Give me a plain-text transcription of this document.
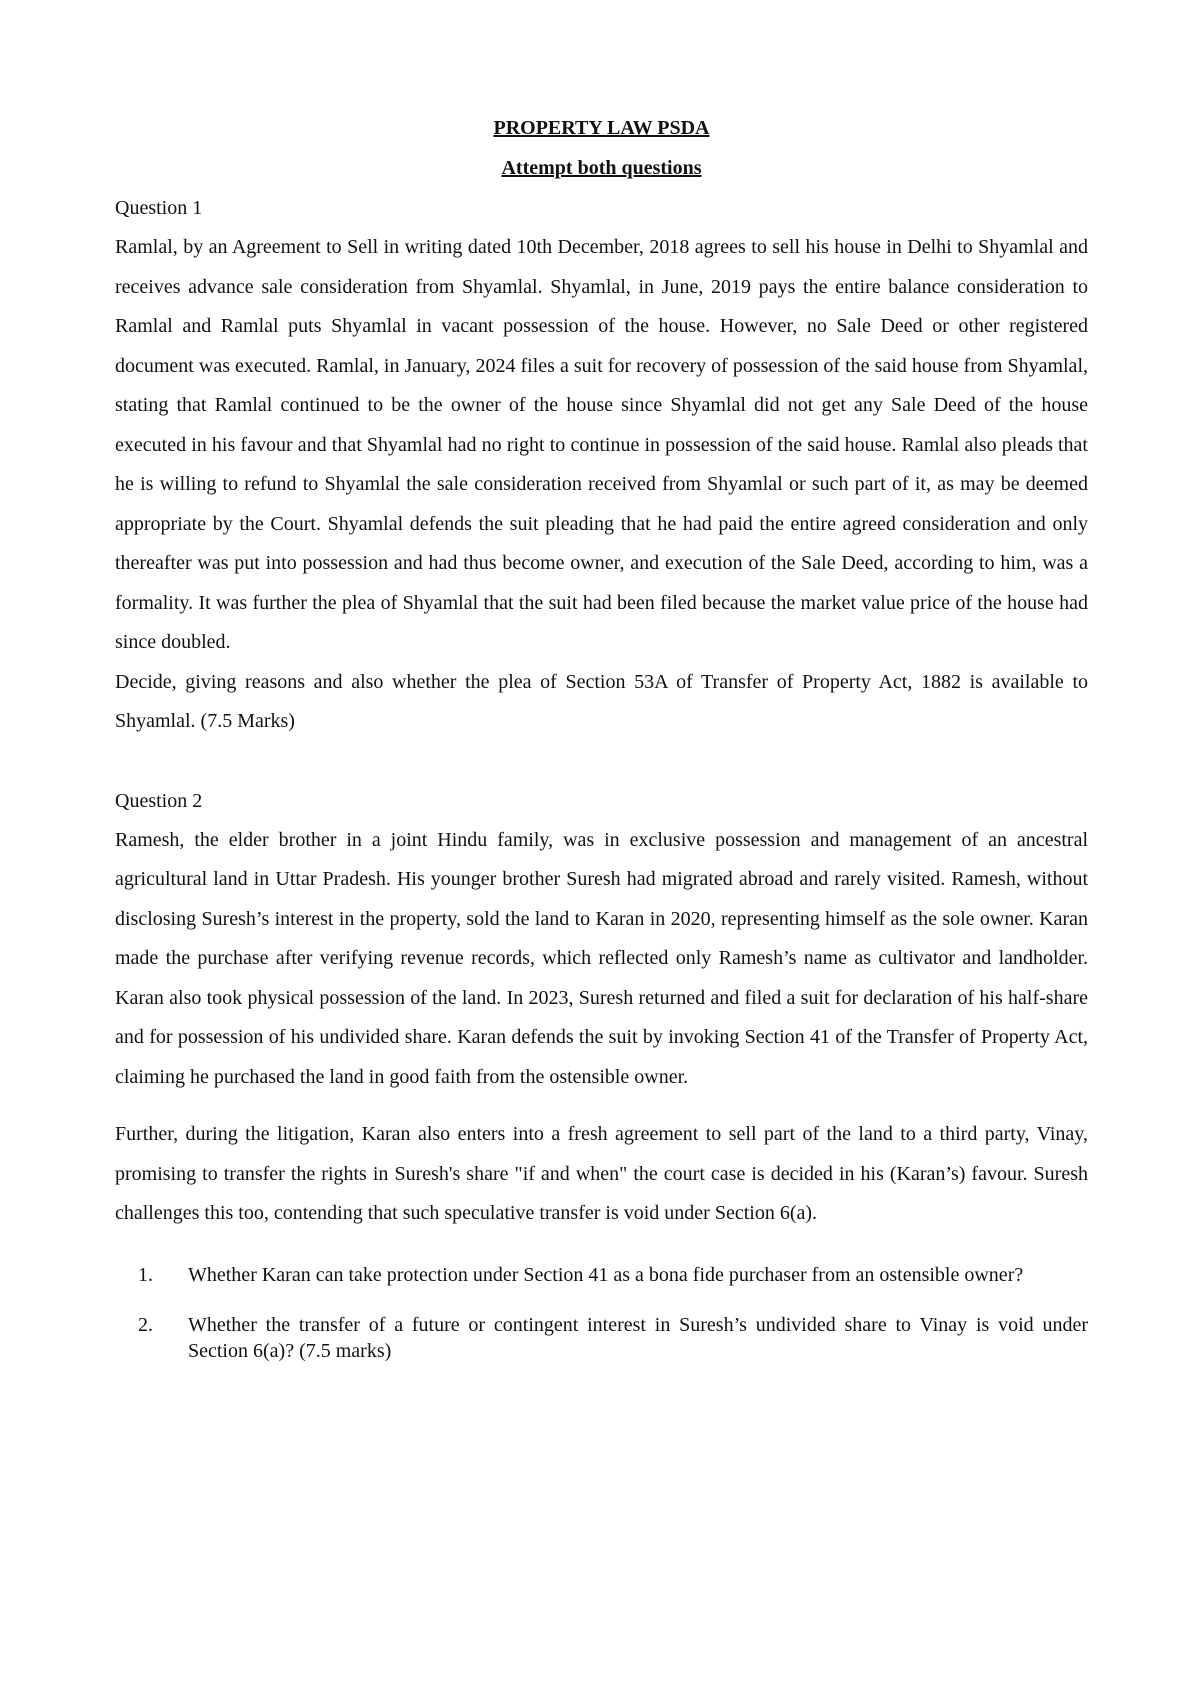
PROPERTY LAW PSDA

Attempt both questions

Question 1

Ramlal, by an Agreement to Sell in writing dated 10th December, 2018 agrees to sell his house in Delhi to Shyamlal and receives advance sale consideration from Shyamlal. Shyamlal, in June, 2019 pays the entire balance consideration to Ramlal and Ramlal puts Shyamlal in vacant possession of the house. However, no Sale Deed or other registered document was executed. Ramlal, in January, 2024 files a suit for recovery of possession of the said house from Shyamlal, stating that Ramlal continued to be the owner of the house since Shyamlal did not get any Sale Deed of the house executed in his favour and that Shyamlal had no right to continue in possession of the said house. Ramlal also pleads that he is willing to refund to Shyamlal the sale consideration received from Shyamlal or such part of it, as may be deemed appropriate by the Court. Shyamlal defends the suit pleading that he had paid the entire agreed consideration and only thereafter was put into possession and had thus become owner, and execution of the Sale Deed, according to him, was a formality. It was further the plea of Shyamlal that the suit had been filed because the market value price of the house had since doubled.

Decide, giving reasons and also whether the plea of Section 53A of Transfer of Property Act, 1882 is available to Shyamlal. (7.5 Marks)

Question 2

Ramesh, the elder brother in a joint Hindu family, was in exclusive possession and management of an ancestral agricultural land in Uttar Pradesh. His younger brother Suresh had migrated abroad and rarely visited. Ramesh, without disclosing Suresh’s interest in the property, sold the land to Karan in 2020, representing himself as the sole owner. Karan made the purchase after verifying revenue records, which reflected only Ramesh’s name as cultivator and landholder. Karan also took physical possession of the land. In 2023, Suresh returned and filed a suit for declaration of his half-share and for possession of his undivided share. Karan defends the suit by invoking Section 41 of the Transfer of Property Act, claiming he purchased the land in good faith from the ostensible owner.

Further, during the litigation, Karan also enters into a fresh agreement to sell part of the land to a third party, Vinay, promising to transfer the rights in Suresh's share "if and when" the court case is decided in his (Karan’s) favour. Suresh challenges this too, contending that such speculative transfer is void under Section 6(a).

1. Whether Karan can take protection under Section 41 as a bona fide purchaser from an ostensible owner?
2. Whether the transfer of a future or contingent interest in Suresh’s undivided share to Vinay is void under Section 6(a)? (7.5 marks)
